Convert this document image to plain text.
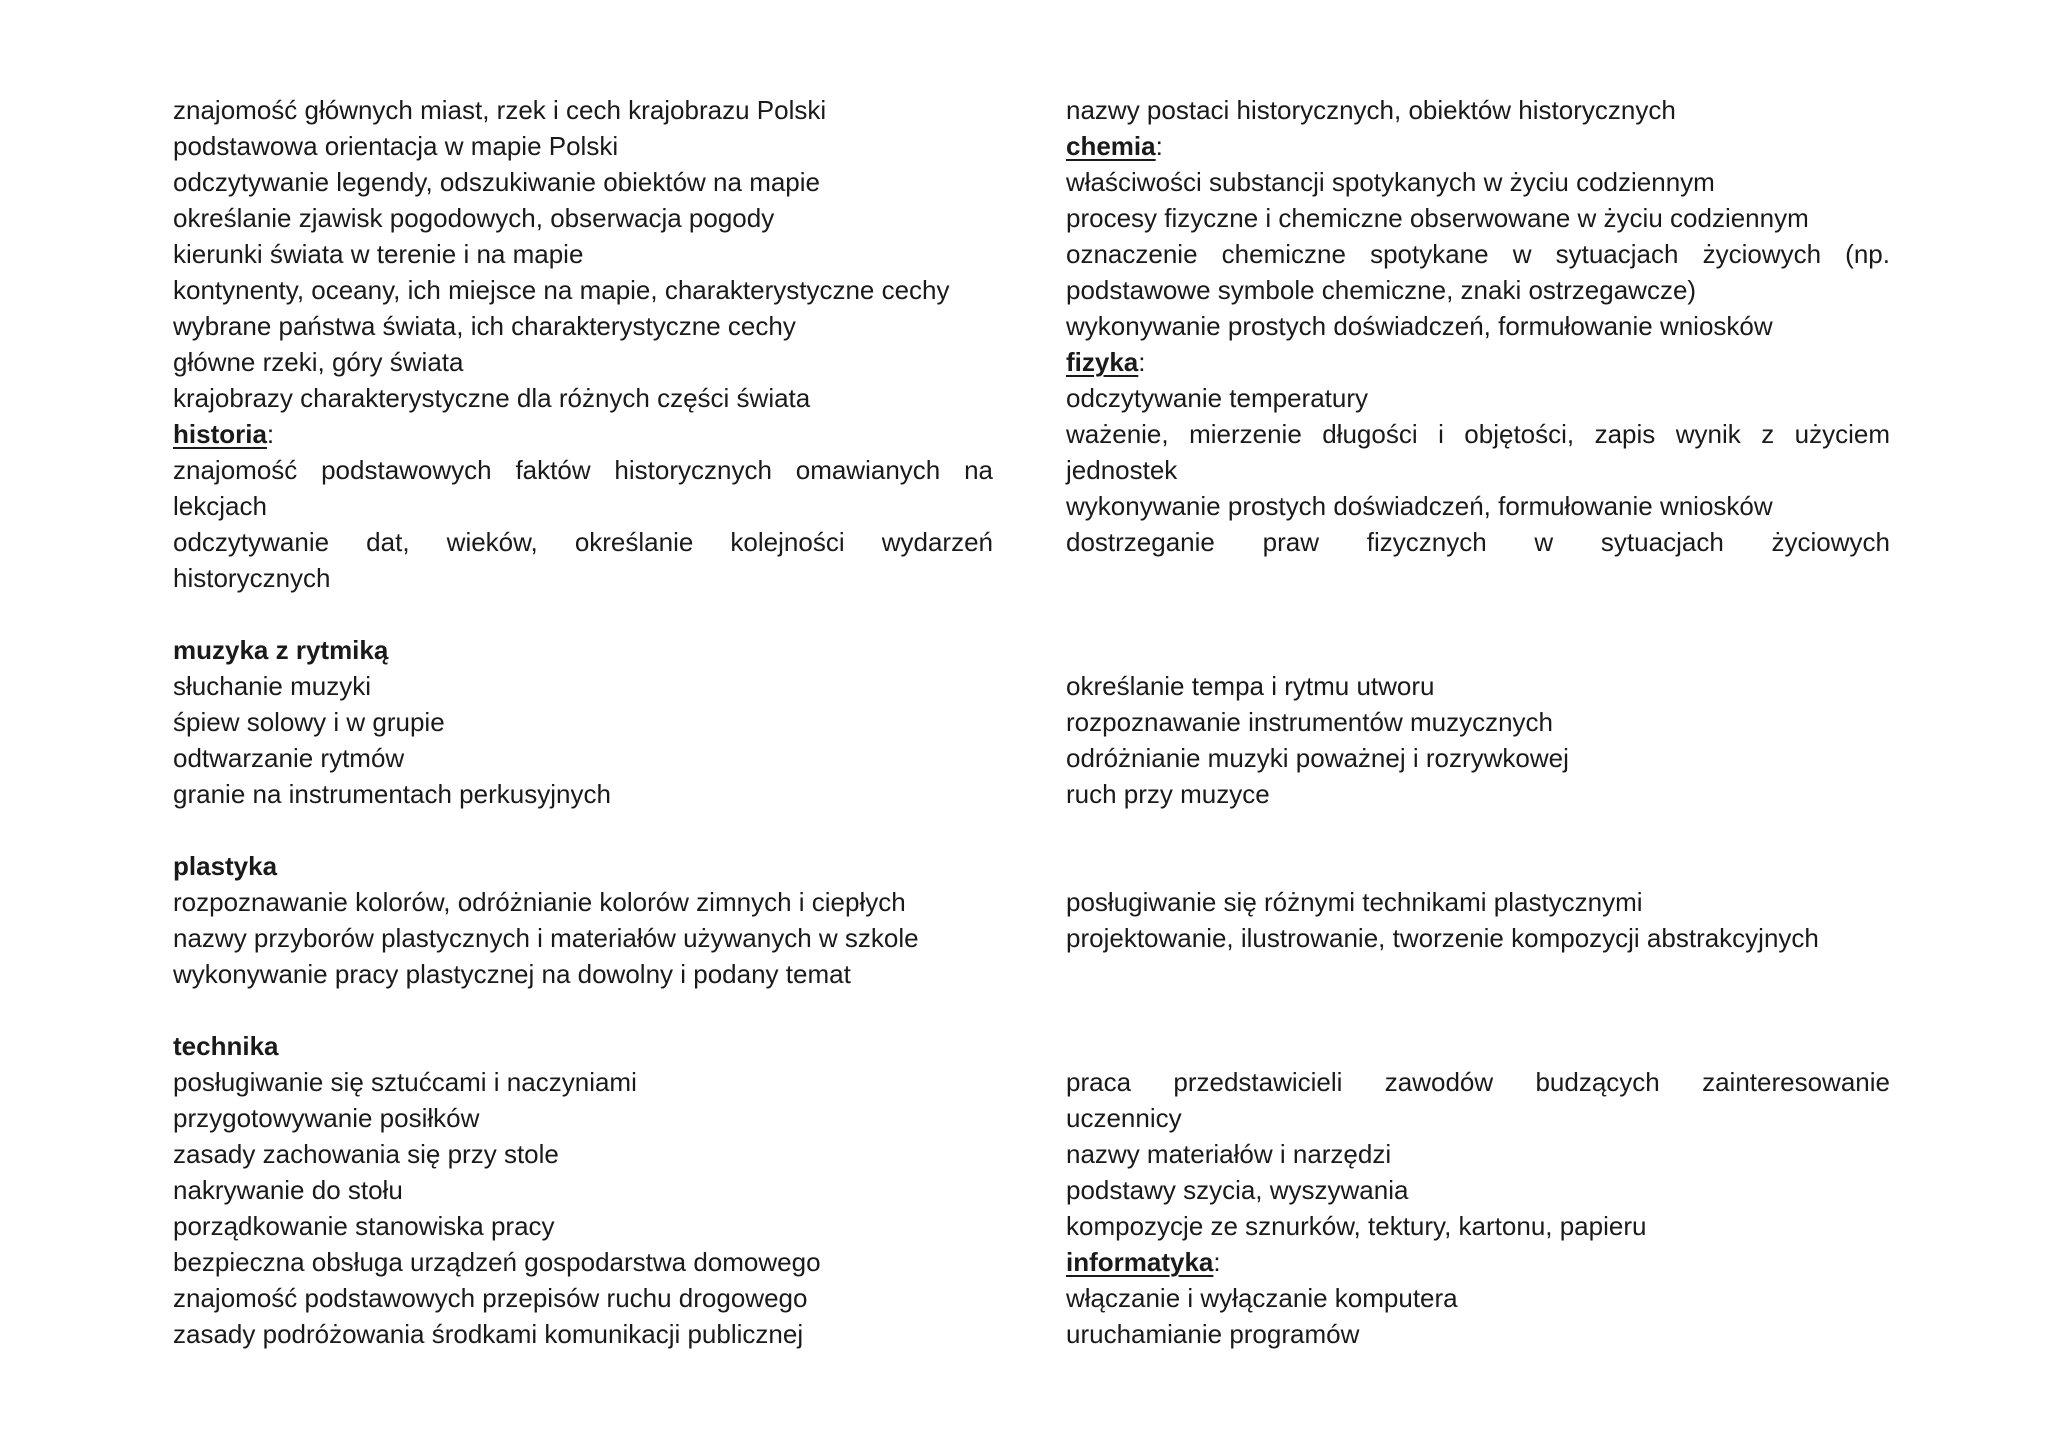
znajomość głównych miast, rzek i cech krajobrazu Polski

podstawowa orientacja w mapie Polski

odczytywanie legendy, odszukiwanie obiektów na mapie

określanie zjawisk pogodowych, obserwacja pogody

kierunki świata w terenie i na mapie

kontynenty, oceany, ich miejsce na mapie, charakterystyczne cechy

wybrane państwa świata, ich charakterystyczne cechy

główne rzeki, góry świata

krajobrazy charakterystyczne dla różnych części świata

historia:

znajomość podstawowych faktów historycznych omawianych na

lekcjach

odczytywanie dat, wieków, określanie kolejności wydarzeń

historycznych

muzyka z rytmiką

słuchanie muzyki

śpiew solowy i w grupie

odtwarzanie rytmów

granie na instrumentach perkusyjnych

plastyka

rozpoznawanie kolorów, odróżnianie kolorów zimnych i ciepłych

nazwy przyborów plastycznych i materiałów używanych w szkole

wykonywanie pracy plastycznej na dowolny i podany temat

technika

posługiwanie się sztućcami i naczyniami

przygotowywanie posiłków

zasady zachowania się przy stole

nakrywanie do stołu

porządkowanie stanowiska pracy

bezpieczna obsługa urządzeń gospodarstwa domowego

znajomość podstawowych przepisów ruchu drogowego

zasady podróżowania środkami komunikacji publicznej

nazwy postaci historycznych, obiektów historycznych

chemia:

właściwości substancji spotykanych w życiu codziennym

procesy fizyczne i chemiczne obserwowane w życiu codziennym

oznaczenie chemiczne spotykane w sytuacjach życiowych (np.

podstawowe symbole chemiczne, znaki ostrzegawcze)

wykonywanie prostych doświadczeń, formułowanie wniosków

fizyka:

odczytywanie temperatury

ważenie, mierzenie długości i objętości, zapis wynik z użyciem

jednostek

wykonywanie prostych doświadczeń, formułowanie wniosków

dostrzeganie praw fizycznych w sytuacjach życiowych

określanie tempa i rytmu utworu

rozpoznawanie instrumentów muzycznych

odróżnianie muzyki poważnej i rozrywkowej

ruch przy muzyce

posługiwanie się różnymi technikami plastycznymi

projektowanie, ilustrowanie, tworzenie kompozycji abstrakcyjnych

praca przedstawicieli zawodów budzących zainteresowanie

uczennicy

nazwy materiałów i narzędzi

podstawy szycia, wyszywania

kompozycje ze sznurków, tektury, kartonu, papieru

informatyka:

włączanie i wyłączanie komputera

uruchamianie programów
